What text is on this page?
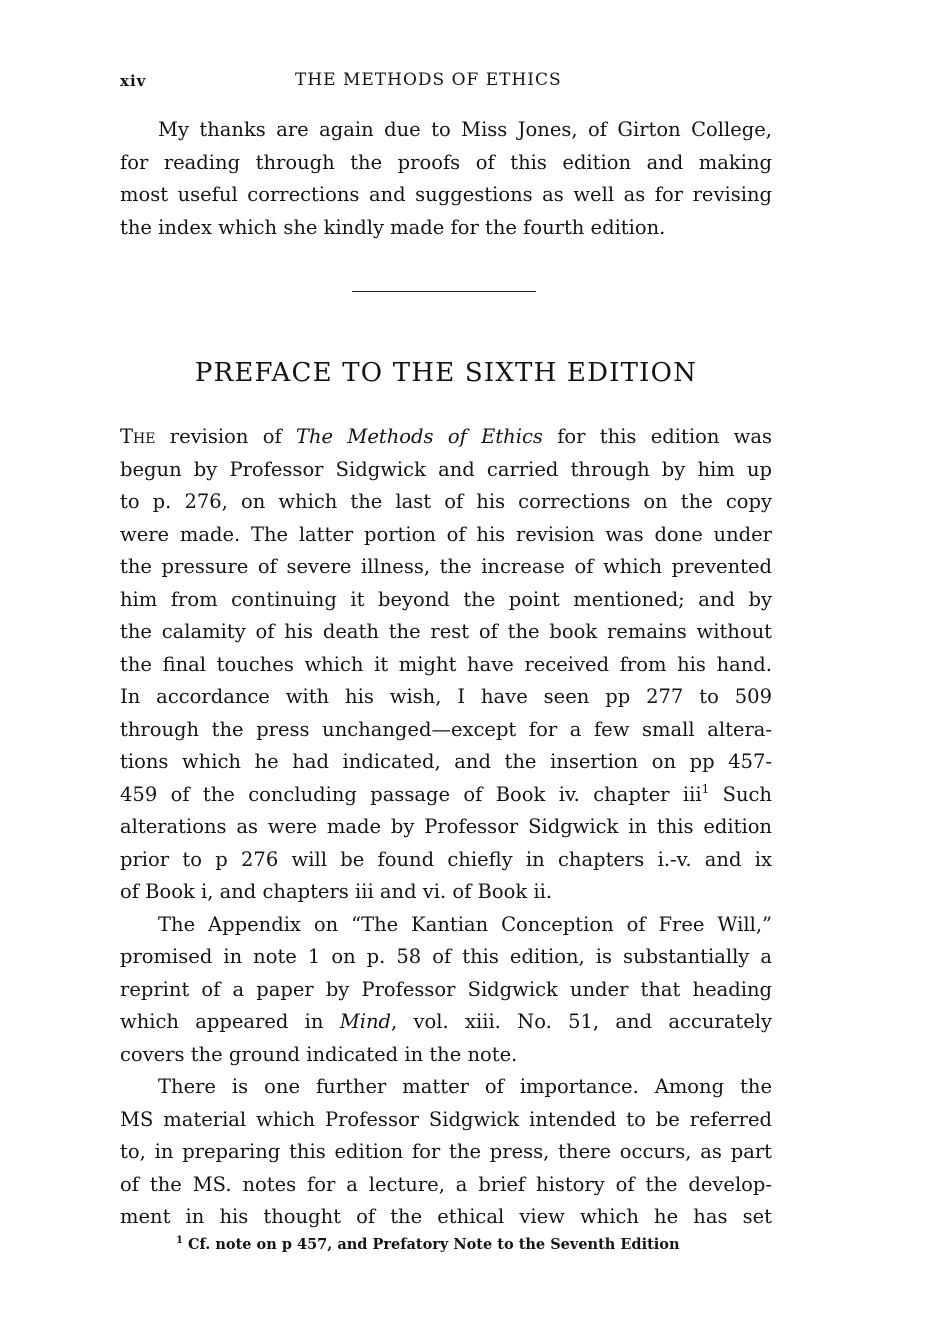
xiv	THE METHODS OF ETHICS
My thanks are again due to Miss Jones, of Girton College,
for reading through the proofs of this edition and making
most useful corrections and suggestions as well as for revising
the index which she kindly made for the fourth edition.
PREFACE TO THE SIXTH EDITION
The revision of The Methods of Ethics for this edition was
begun by Professor Sidgwick and carried through by him up
to p. 276, on which the last of his corrections on the copy
were made. The latter portion of his revision was done under
the pressure of severe illness, the increase of which prevented
him from continuing it beyond the point mentioned; and by
the calamity of his death the rest of the book remains without
the final touches which it might have received from his hand.
In accordance with his wish, I have seen pp 277 to 509
through the press unchanged—except for a few small altera-
tions which he had indicated, and the insertion on pp 457-
459 of the concluding passage of Book iv. chapter iii$^1$ Such
alterations as were made by Professor Sidgwick in this edition
prior to p 276 will be found chiefly in chapters i.-v. and ix
of Book i, and chapters iii and vi. of Book ii.
The Appendix on “The Kantian Conception of Free Will,”
promised in note 1 on p. 58 of this edition, is substantially a
reprint of a paper by Professor Sidgwick under that heading
which appeared in Mind, vol. xiii. No. 51, and accurately
covers the ground indicated in the note.
There is one further matter of importance. Among the
MS material which Professor Sidgwick intended to be referred
to, in preparing this edition for the press, there occurs, as part
of the MS. notes for a lecture, a brief history of the develop-
ment in his thought of the ethical view which he has set
$^1$ Cf. note on p 457, and Prefatory Note to the Seventh Edition
